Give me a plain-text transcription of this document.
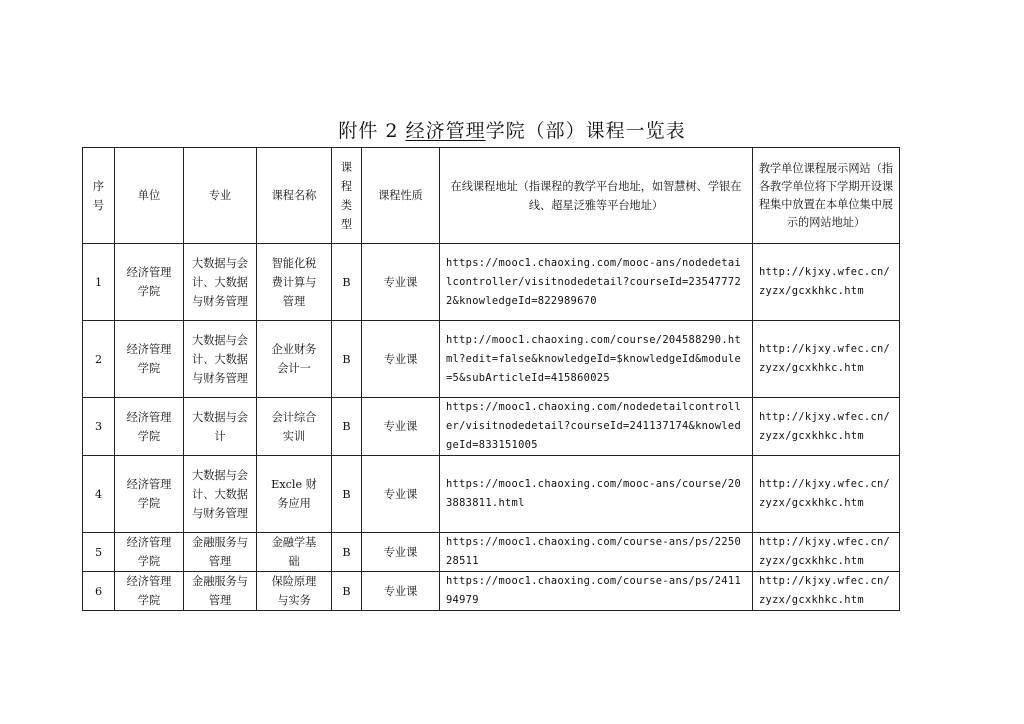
附件 2 经济管理学院（部）课程一览表
序号	单位	专业	课程名称	课程类型	课程性质	在线课程地址（指课程的教学平台地址，如智慧树、学银在线、超星泛雅等平台地址）	教学单位课程展示网站（指各教学单位将下学期开设课程集中放置在本单位集中展示的网站地址）
1	经济管理学院	大数据与会计、大数据与财务管理	智能化税费计算与管理	B	专业课	https://mooc1.chaoxing.com/mooc-ans/nodedetailcontroller/visitnodedetail?courseId=235477722&knowledgeId=822989670	http://kjxy.wfec.cn/zyzx/gcxkhkc.htm
2	经济管理学院	大数据与会计、大数据与财务管理	企业财务会计一	B	专业课	http://mooc1.chaoxing.com/course/204588290.html?edit=false&knowledgeId=$knowledgeId&module=5&subArticleId=415860025	http://kjxy.wfec.cn/zyzx/gcxkhkc.htm
3	经济管理学院	大数据与会计	会计综合实训	B	专业课	https://mooc1.chaoxing.com/nodedetailcontroller/visitnodedetail?courseId=241137174&knowledgeId=833151005	http://kjxy.wfec.cn/zyzx/gcxkhkc.htm
4	经济管理学院	大数据与会计、大数据与财务管理	Excle 财务应用	B	专业课	https://mooc1.chaoxing.com/mooc-ans/course/203883811.html	http://kjxy.wfec.cn/zyzx/gcxkhkc.htm
5	经济管理学院	金融服务与管理	金融学基础	B	专业课	https://mooc1.chaoxing.com/course-ans/ps/225028511	http://kjxy.wfec.cn/zyzx/gcxkhkc.htm
6	经济管理学院	金融服务与管理	保险原理与实务	B	专业课	https://mooc1.chaoxing.com/course-ans/ps/241194979	http://kjxy.wfec.cn/zyzx/gcxkhkc.htm
